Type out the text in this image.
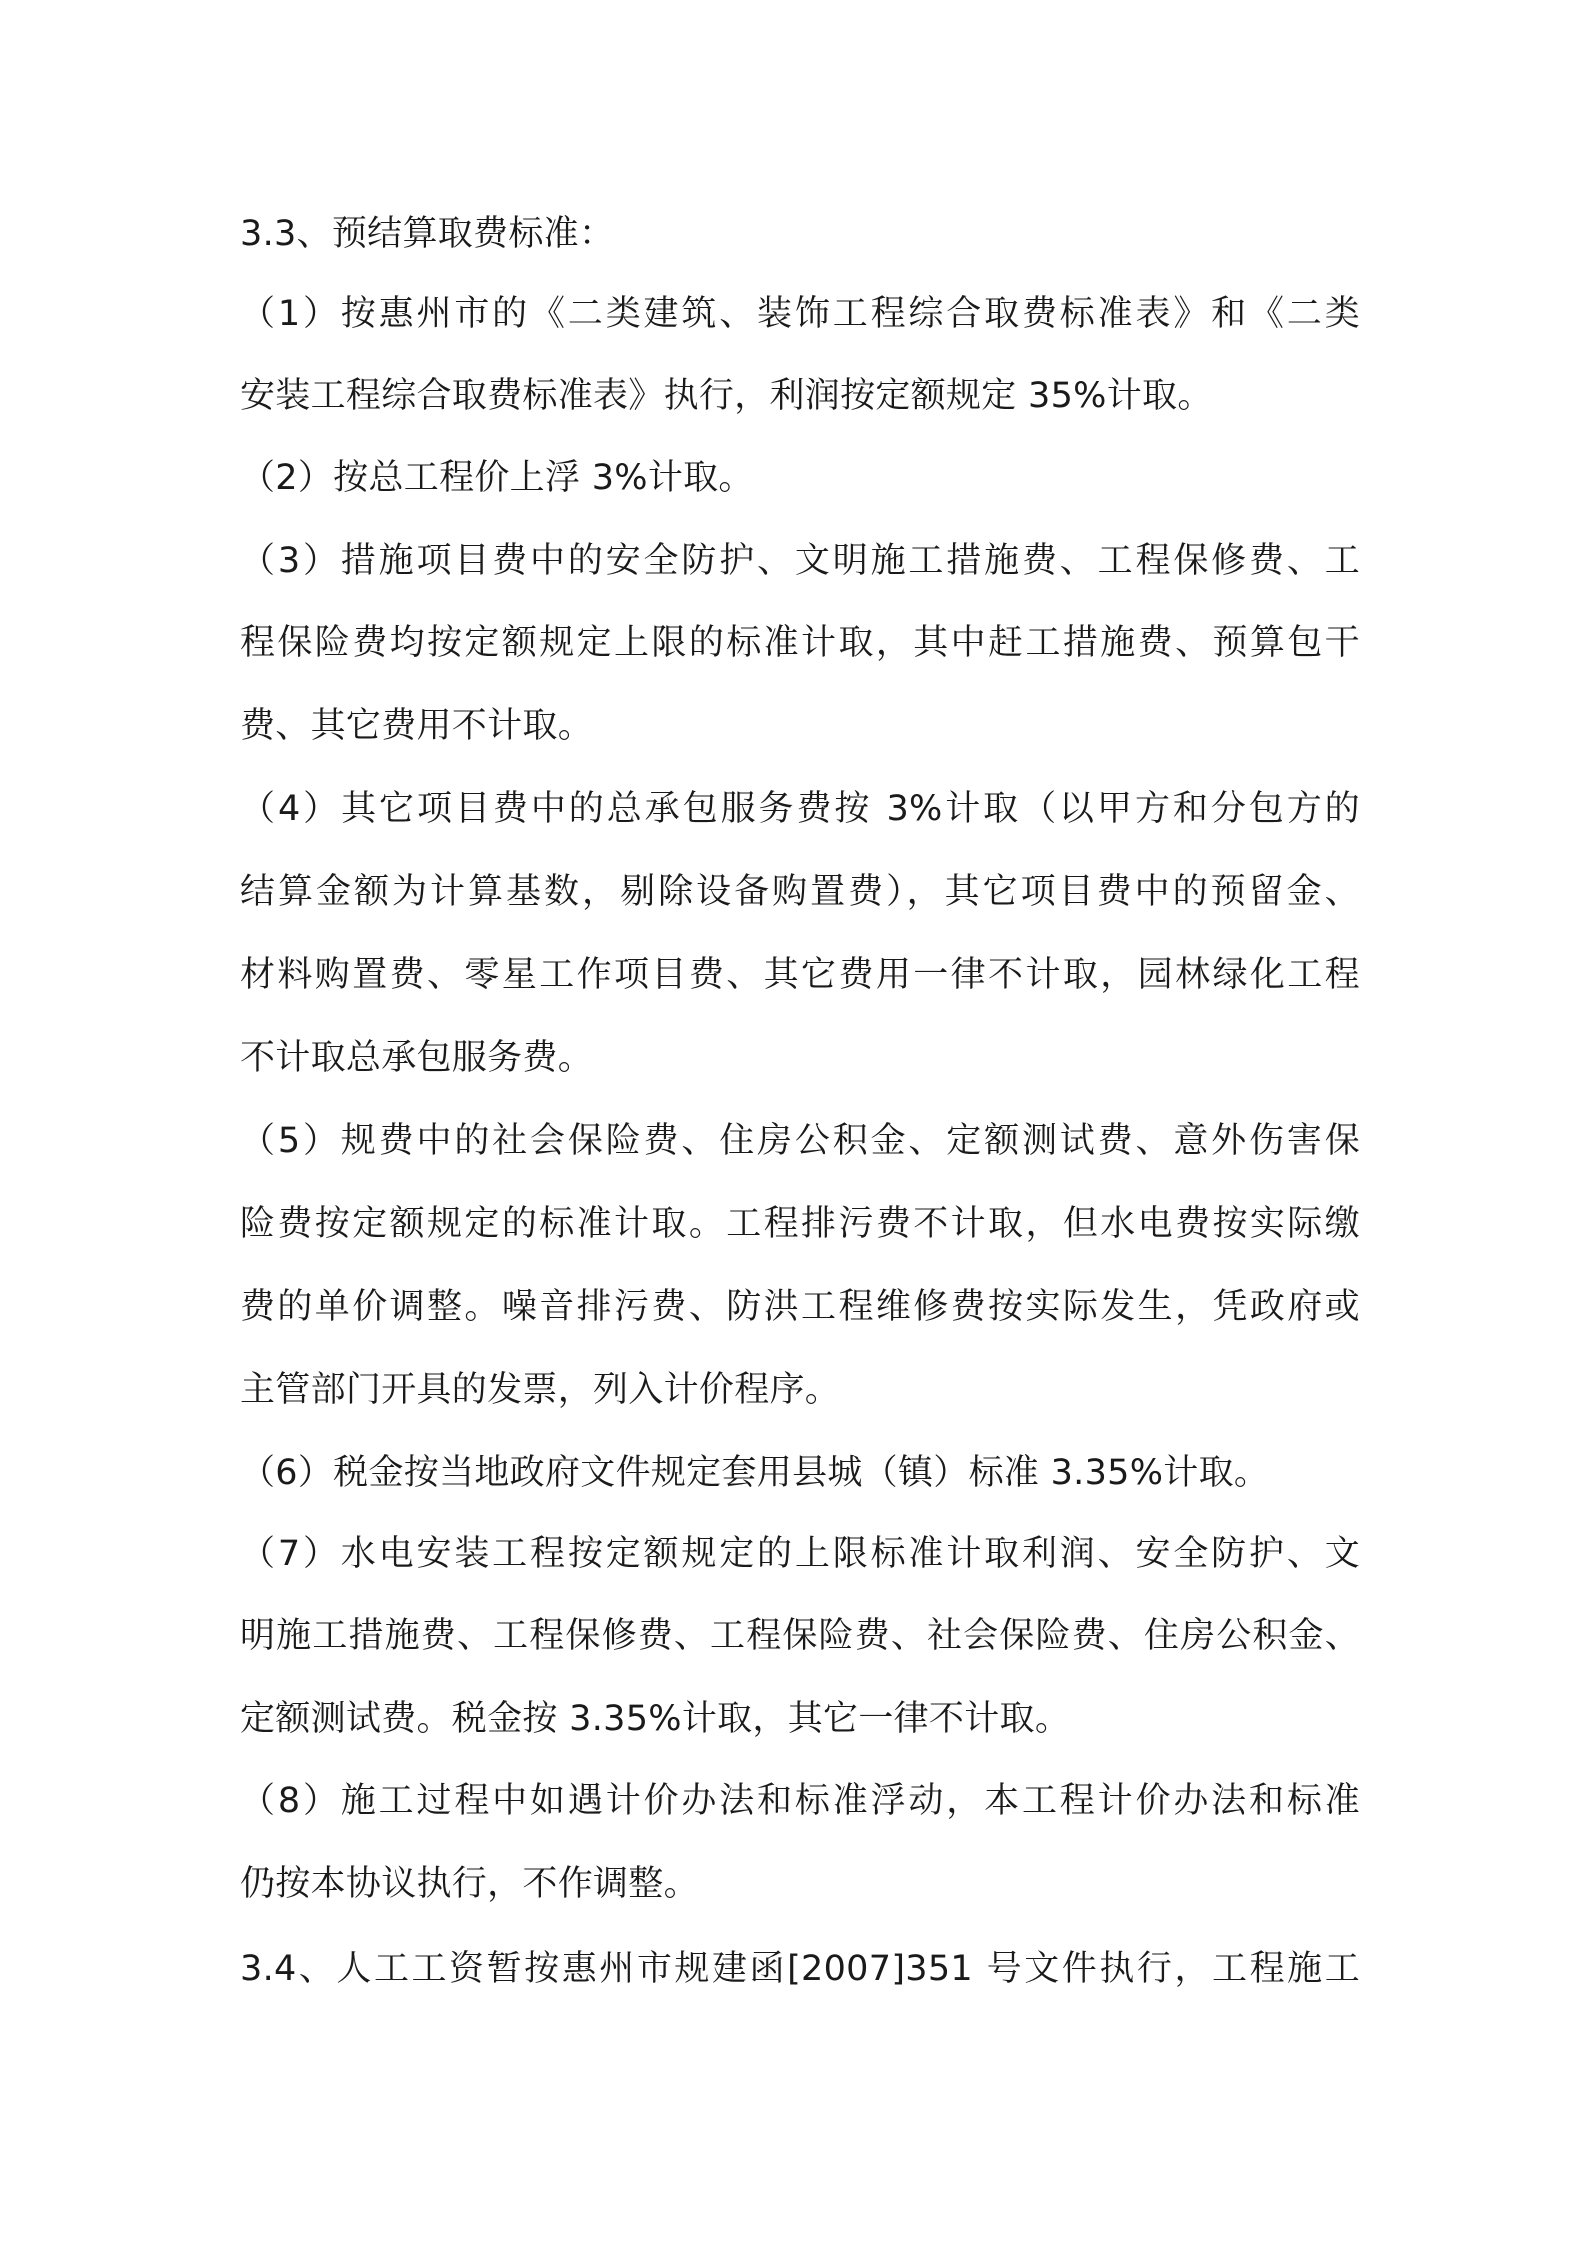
3.3、预结算取费标准：
（1）按惠州市的《二类建筑、装饰工程综合取费标准表》和《二类
安装工程综合取费标准表》执行，利润按定额规定 35%计取。
（2）按总工程价上浮 3%计取。
（3）措施项目费中的安全防护、文明施工措施费、工程保修费、工
程保险费均按定额规定上限的标准计取，其中赶工措施费、预算包干
费、其它费用不计取。
（4）其它项目费中的总承包服务费按 3%计取（以甲方和分包方的
结算金额为计算基数，剔除设备购置费），其它项目费中的预留金、
材料购置费、零星工作项目费、其它费用一律不计取，园林绿化工程
不计取总承包服务费。
（5）规费中的社会保险费、住房公积金、定额测试费、意外伤害保
险费按定额规定的标准计取。工程排污费不计取，但水电费按实际缴
费的单价调整。噪音排污费、防洪工程维修费按实际发生，凭政府或
主管部门开具的发票，列入计价程序。
（6）税金按当地政府文件规定套用县城（镇）标准 3.35%计取。
（7）水电安装工程按定额规定的上限标准计取利润、安全防护、文
明施工措施费、工程保修费、工程保险费、社会保险费、住房公积金、
定额测试费。税金按 3.35%计取，其它一律不计取。
（8）施工过程中如遇计价办法和标准浮动，本工程计价办法和标准
仍按本协议执行，不作调整。
3.4、人工工资暂按惠州市规建函[2007]351 号文件执行，工程施工
